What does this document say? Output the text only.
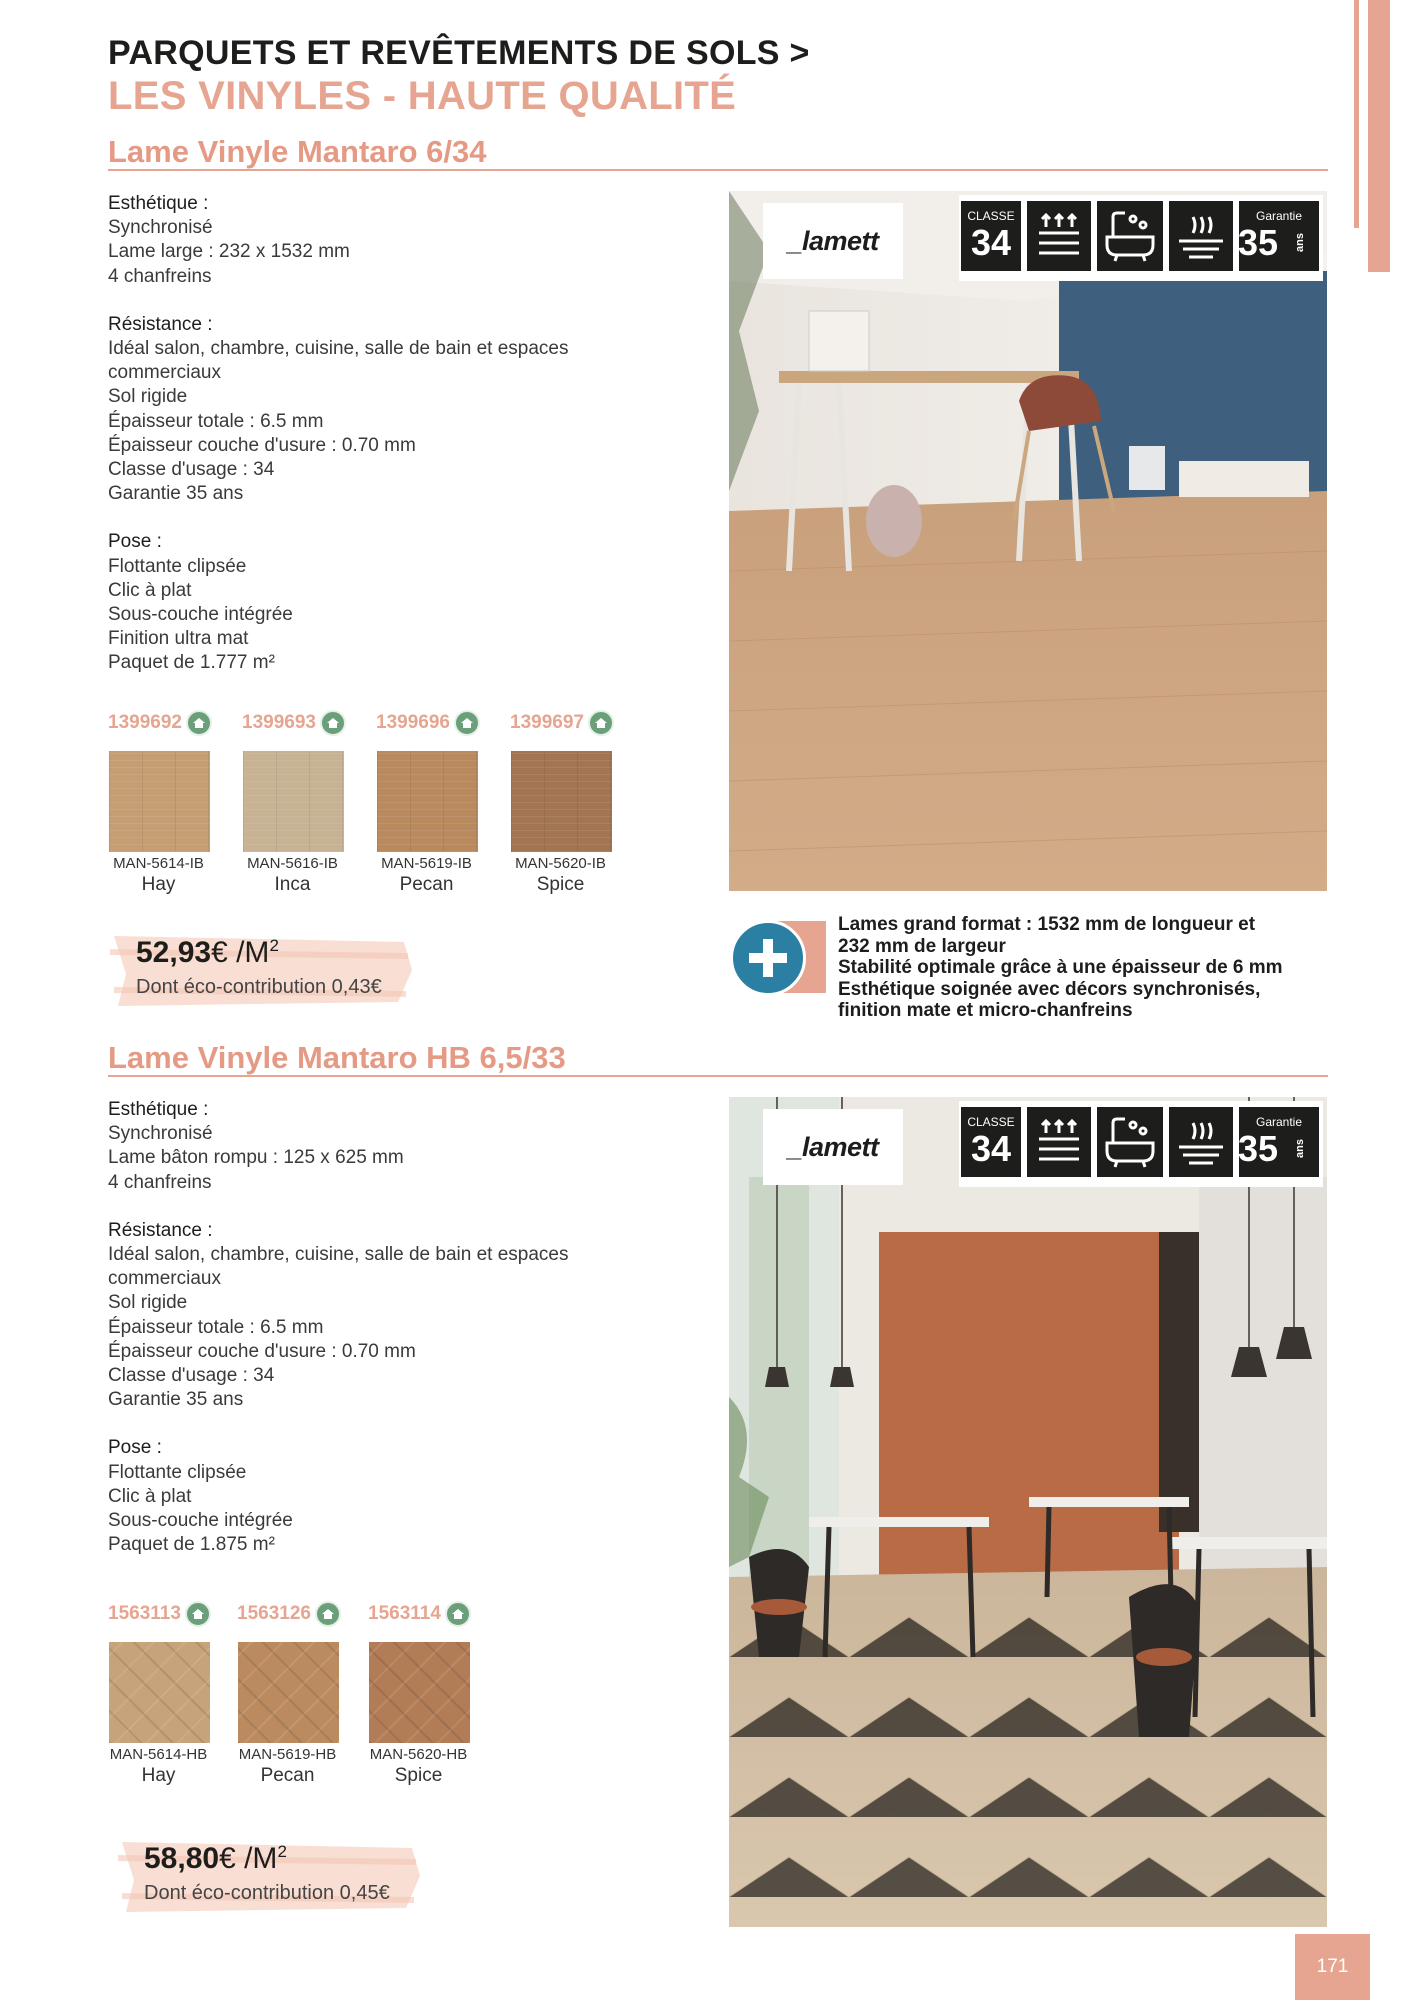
PARQUETS ET REVÊTEMENTS DE SOLS >
LES VINYLES - HAUTE QUALITÉ
Lame Vinyle Mantaro 6/34
Esthétique :
Synchronisé
Lame large : 232 x 1532 mm
4 chanfreins
Résistance :
Idéal salon, chambre, cuisine, salle de bain et espaces
commerciaux
Sol rigide
Épaisseur totale : 6.5 mm
Épaisseur couche d'usure : 0.70 mm
Classe d'usage : 34
Garantie 35 ans
Pose :
Flottante clipsée
Clic à plat
Sous-couche intégrée
Finition ultra mat
Paquet de 1.777 m²
1399692
MAN-5614-IB
Hay
1399693
MAN-5616-IB
Inca
1399696
MAN-5619-IB
Pecan
1399697
MAN-5620-IB
Spice
52,93€ $/M^2$
Dont éco-contribution 0,43€
_lamett
CLASSE
34
Garantie
35	ans
Lames grand format : 1532 mm de longueur et
232 mm de largeur
Stabilité optimale grâce à une épaisseur de 6 mm
Esthétique soignée avec décors synchronisés,
finition mate et micro-chanfreins
Lame Vinyle Mantaro HB 6,5/33
Esthétique :
Synchronisé
Lame bâton rompu : 125 x 625 mm
4 chanfreins
Résistance :
Idéal salon, chambre, cuisine, salle de bain et espaces
commerciaux
Sol rigide
Épaisseur totale : 6.5 mm
Épaisseur couche d'usure : 0.70 mm
Classe d'usage : 34
Garantie 35 ans
Pose :
Flottante clipsée
Clic à plat
Sous-couche intégrée
Paquet de 1.875 m²
1563113
MAN-5614-HB
Hay
1563126
MAN-5619-HB
Pecan
1563114
MAN-5620-HB
Spice
58,80€ $/M^2$
Dont éco-contribution 0,45€
_lamett
CLASSE
34
Garantie
35	ans
171
